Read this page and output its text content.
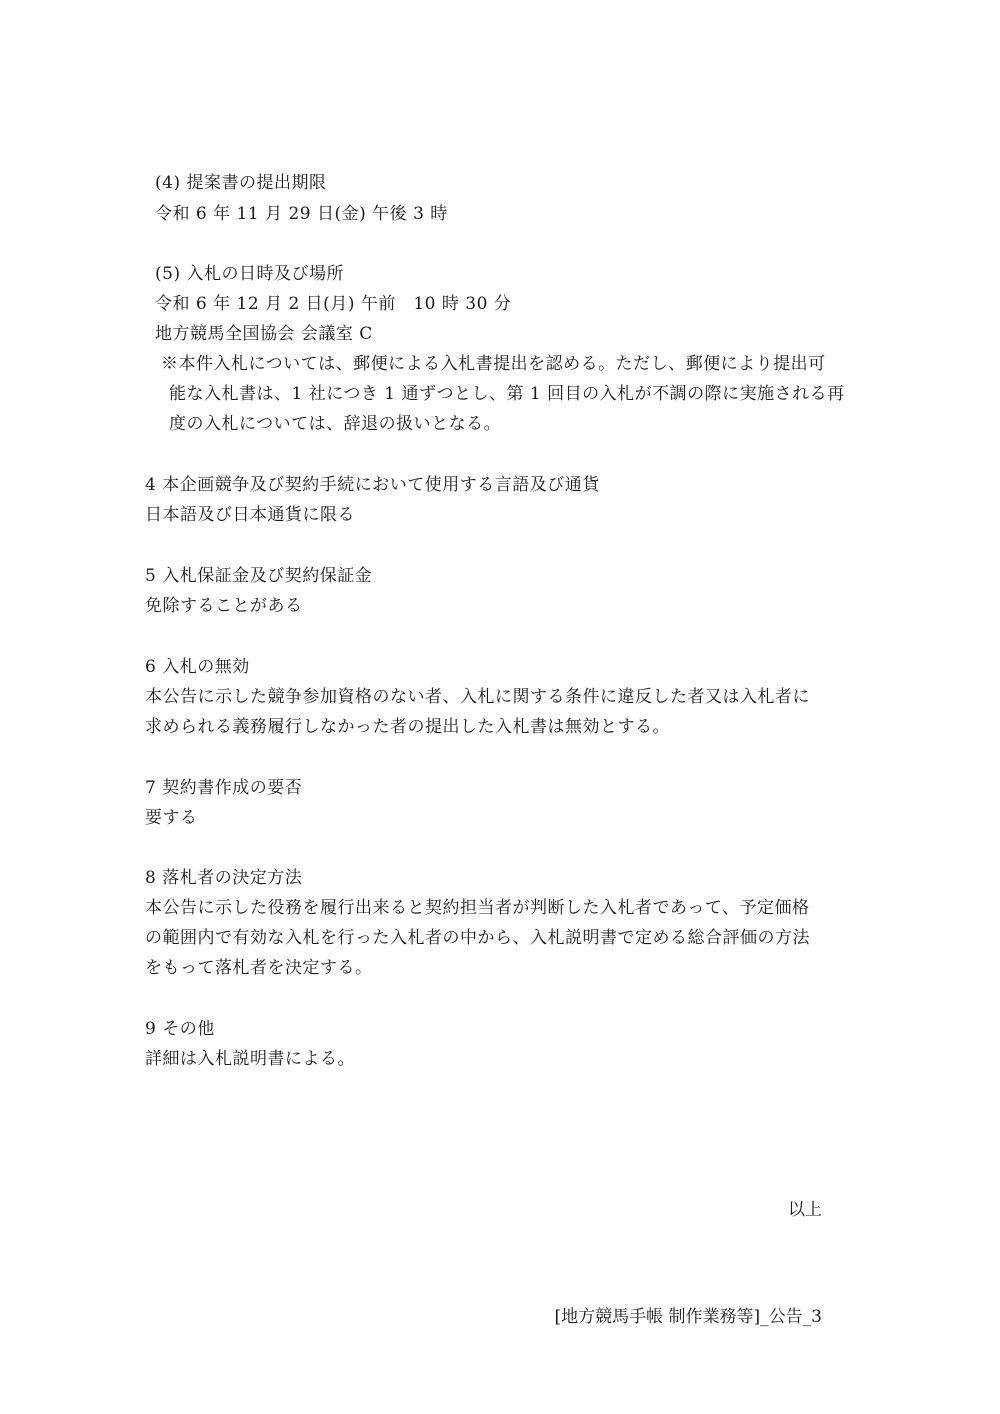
(4) 提案書の提出期限
令和 6 年 11 月 29 日(金) 午後 3 時
(5) 入札の日時及び場所
令和 6 年 12 月 2 日(月) 午前　10 時 30 分
地方競馬全国協会 会議室 C
※本件入札については、郵便による入札書提出を認める。ただし、郵便により提出可
能な入札書は、1 社につき 1 通ずつとし、第 1 回目の入札が不調の際に実施される再
度の入札については、辞退の扱いとなる。
4 本企画競争及び契約手続において使用する言語及び通貨
日本語及び日本通貨に限る
5 入札保証金及び契約保証金
免除することがある
6 入札の無効
本公告に示した競争参加資格のない者、入札に関する条件に違反した者又は入札者に
求められる義務履行しなかった者の提出した入札書は無効とする。
7 契約書作成の要否
要する
8 落札者の決定方法
本公告に示した役務を履行出来ると契約担当者が判断した入札者であって、予定価格
の範囲内で有効な入札を行った入札者の中から、入札説明書で定める総合評価の方法
をもって落札者を決定する。
9 その他
詳細は入札説明書による。
以上
[地方競馬手帳 制作業務等]_公告_3
